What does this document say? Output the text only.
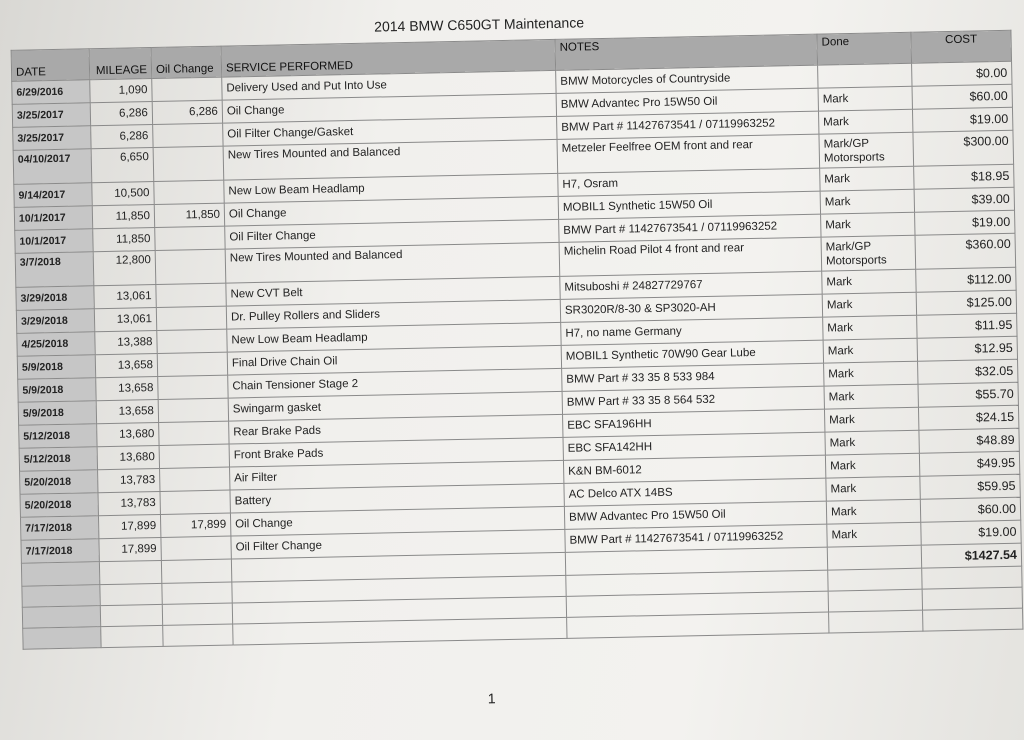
2014 BMW C650GT Maintenance
DATE	MILEAGE	Oil Change	SERVICE PERFORMED	NOTES	Done	COST
6/29/2016	1,090		Delivery Used and Put Into Use	BMW Motorcycles of Countryside		$0.00
3/25/2017	6,286	6,286	Oil Change	BMW Advantec Pro 15W50 Oil	Mark	$60.00
3/25/2017	6,286		Oil Filter Change/Gasket	BMW Part # 11427673541 / 07119963252	Mark	$19.00
04/10/2017	6,650		New Tires Mounted and Balanced	Metzeler Feelfree OEM front and rear	Mark/GP Motorsports	$300.00
9/14/2017	10,500		New Low Beam Headlamp	H7, Osram	Mark	$18.95
10/1/2017	11,850	11,850	Oil Change	MOBIL1 Synthetic 15W50 Oil	Mark	$39.00
10/1/2017	11,850		Oil Filter Change	BMW Part # 11427673541 / 07119963252	Mark	$19.00
3/7/2018	12,800		New Tires Mounted and Balanced	Michelin Road Pilot 4 front and rear	Mark/GP Motorsports	$360.00
3/29/2018	13,061		New CVT Belt	Mitsuboshi # 24827729767	Mark	$112.00
3/29/2018	13,061		Dr. Pulley Rollers and Sliders	SR3020R/8-30 & SP3020-AH	Mark	$125.00
4/25/2018	13,388		New Low Beam Headlamp	H7, no name Germany	Mark	$11.95
5/9/2018	13,658		Final Drive Chain Oil	MOBIL1 Synthetic 70W90 Gear Lube	Mark	$12.95
5/9/2018	13,658		Chain Tensioner Stage 2	BMW Part # 33 35 8 533 984	Mark	$32.05
5/9/2018	13,658		Swingarm gasket	BMW Part # 33 35 8 564 532	Mark	$55.70
5/12/2018	13,680		Rear Brake Pads	EBC SFA196HH	Mark	$24.15
5/12/2018	13,680		Front Brake Pads	EBC SFA142HH	Mark	$48.89
5/20/2018	13,783		Air Filter	K&N BM-6012	Mark	$49.95
5/20/2018	13,783		Battery	AC Delco ATX 14BS	Mark	$59.95
7/17/2018	17,899	17,899	Oil Change	BMW Advantec Pro 15W50 Oil	Mark	$60.00
7/17/2018	17,899		Oil Filter Change	BMW Part # 11427673541 / 07119963252	Mark	$19.00
						$1427.54

1
